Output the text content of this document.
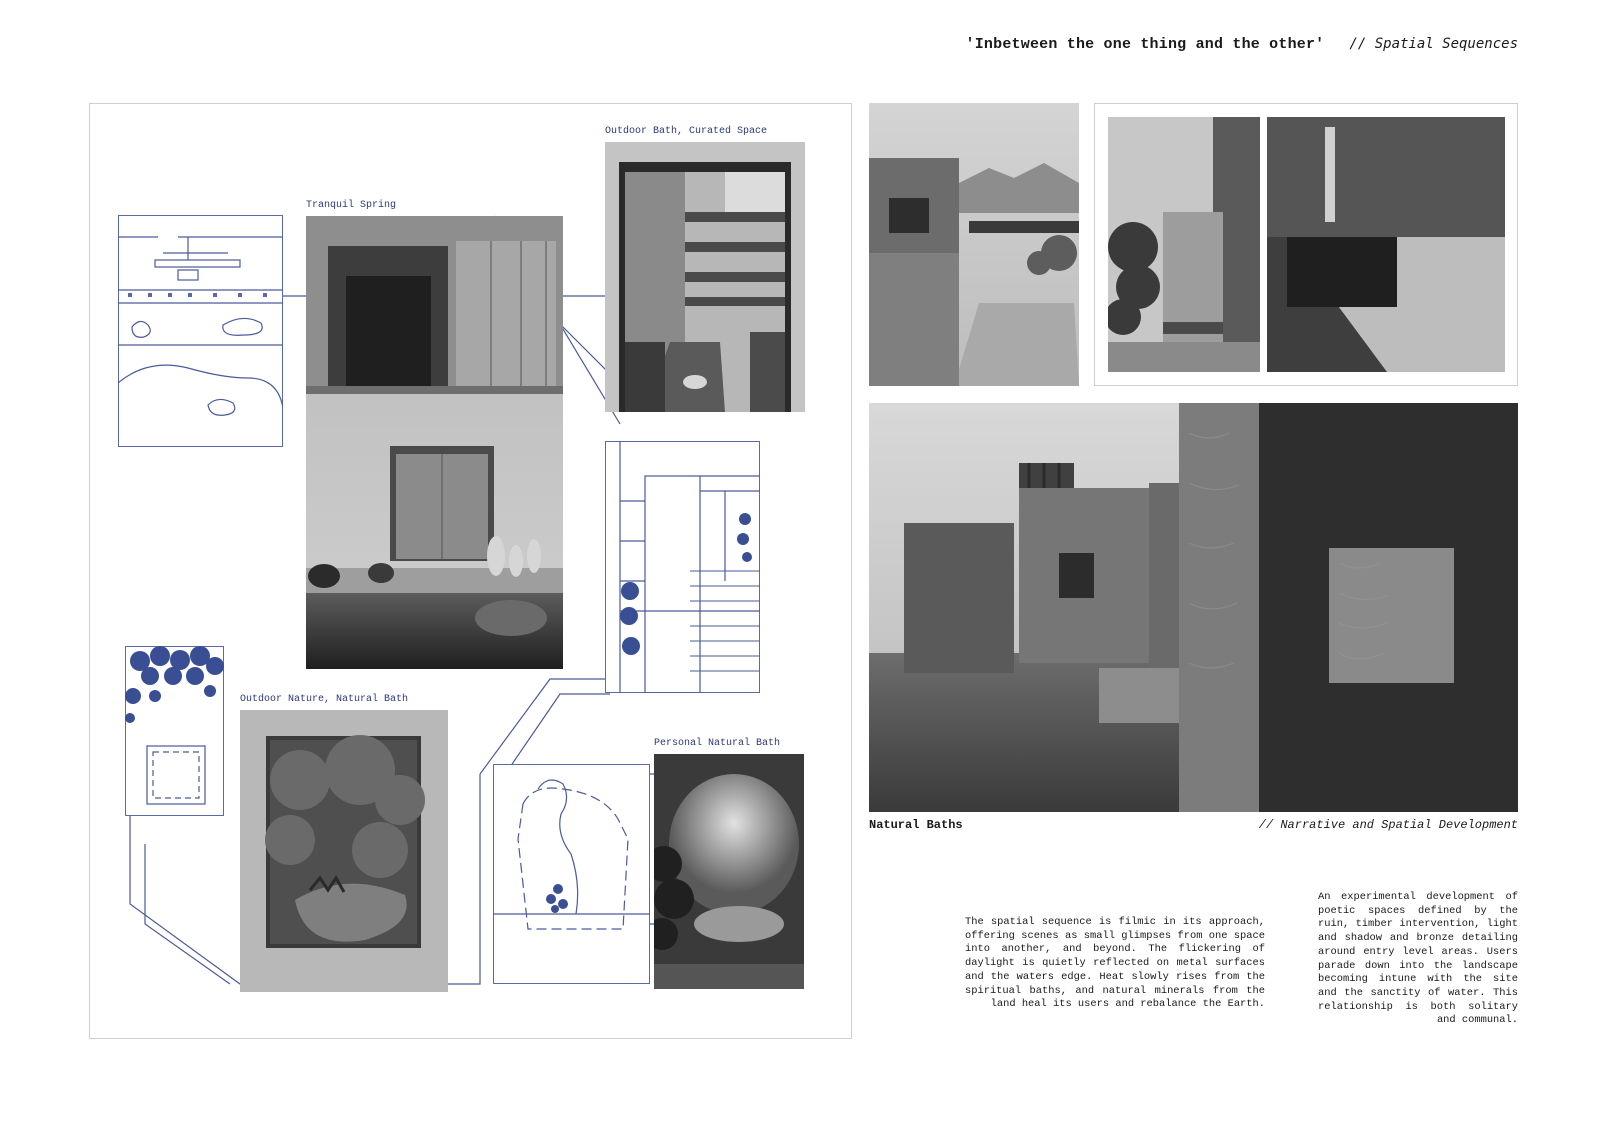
'Inbetween the one thing and the other' // Spatial Sequences
Tranquil Spring
Outdoor Bath, Curated Space
Outdoor Nature, Natural Bath
Personal Natural Bath
Natural Baths	// Narrative and Spatial Development
The spatial sequence is filmic in its approach, offering scenes as small glimpses from one space into another, and beyond. The flickering of daylight is quietly reflected on metal surfaces and the waters edge. Heat slowly rises from the spiritual baths, and natural minerals from the land heal its users and rebalance the Earth.
An experimental development of poetic spaces defined by the ruin, timber intervention, light and shadow and bronze detailing around entry level areas. Users parade down into the landscape becoming intune with the site and the sanctity of water. This relationship is both solitary and communal.
